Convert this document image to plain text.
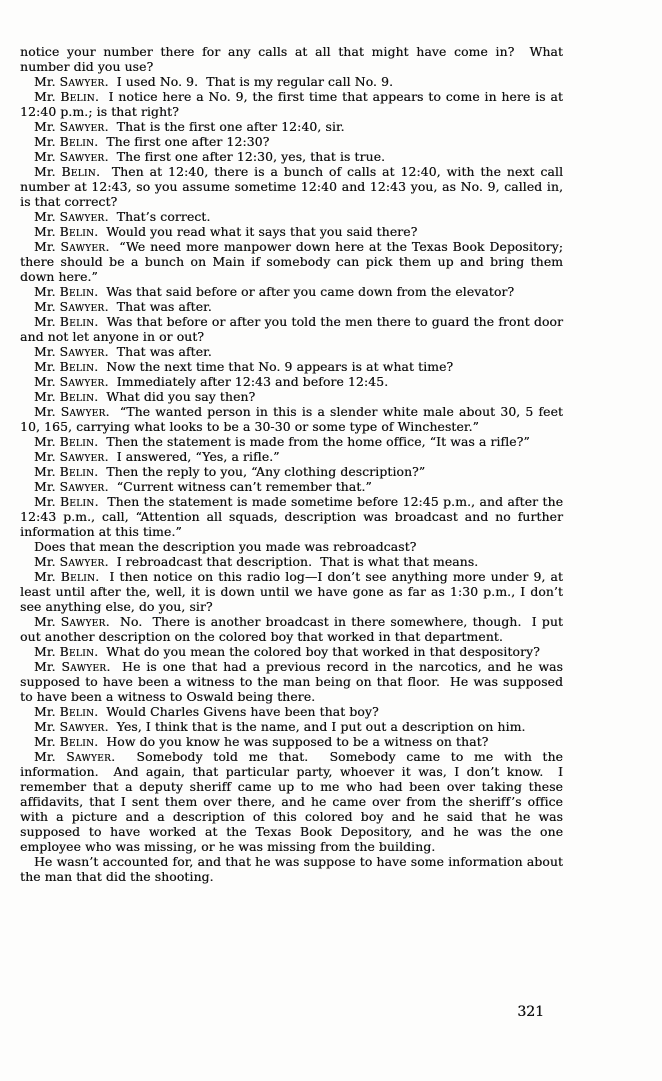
notice your number there for any calls at all that might have come in?  What number did you use?

Mr. Sawyer.  I used No. 9.  That is my regular call No. 9.

Mr. Belin.  I notice here a No. 9, the first time that appears to come in here is at 12:40 p.m.; is that right?

Mr. Sawyer.  That is the first one after 12:40, sir.

Mr. Belin.  The first one after 12:30?

Mr. Sawyer.  The first one after 12:30, yes, that is true.

Mr. Belin.  Then at 12:40, there is a bunch of calls at 12:40, with the next call number at 12:43, so you assume sometime 12:40 and 12:43 you, as No. 9, called in, is that correct?

Mr. Sawyer.  That’s correct.

Mr. Belin.  Would you read what it says that you said there?

Mr. Sawyer.  “We need more manpower down here at the Texas Book Depository; there should be a bunch on Main if somebody can pick them up and bring them down here.”

Mr. Belin.  Was that said before or after you came down from the elevator?

Mr. Sawyer.  That was after.

Mr. Belin.  Was that before or after you told the men there to guard the front door and not let anyone in or out?

Mr. Sawyer.  That was after.

Mr. Belin.  Now the next time that No. 9 appears is at what time?

Mr. Sawyer.  Immediately after 12:43 and before 12:45.

Mr. Belin.  What did you say then?

Mr. Sawyer.  “The wanted person in this is a slender white male about 30, 5 feet 10, 165, carrying what looks to be a 30-30 or some type of Winchester.”

Mr. Belin.  Then the statement is made from the home office, “It was a rifle?”

Mr. Sawyer.  I answered, “Yes, a rifle.”

Mr. Belin.  Then the reply to you, “Any clothing description?”

Mr. Sawyer.  “Current witness can’t remember that.”

Mr. Belin.  Then the statement is made sometime before 12:45 p.m., and after the 12:43 p.m., call, “Attention all squads, description was broadcast and no further information at this time.”

Does that mean the description you made was rebroadcast?

Mr. Sawyer.  I rebroadcast that description.  That is what that means.

Mr. Belin.  I then notice on this radio log—I don’t see anything more under 9, at least until after the, well, it is down until we have gone as far as 1:30 p.m., I don’t see anything else, do you, sir?

Mr. Sawyer.  No.  There is another broadcast in there somewhere, though.  I put out another description on the colored boy that worked in that department.

Mr. Belin.  What do you mean the colored boy that worked in that despository?

Mr. Sawyer.  He is one that had a previous record in the narcotics, and he was supposed to have been a witness to the man being on that floor.  He was supposed to have been a witness to Oswald being there.

Mr. Belin.  Would Charles Givens have been that boy?

Mr. Sawyer.  Yes, I think that is the name, and I put out a description on him.

Mr. Belin.  How do you know he was supposed to be a witness on that?

Mr. Sawyer.  Somebody told me that.  Somebody came to me with the information.  And again, that particular party, whoever it was, I don’t know.  I remember that a deputy sheriff came up to me who had been over taking these affidavits, that I sent them over there, and he came over from the sheriff’s office with a picture and a description of this colored boy and he said that he was supposed to have worked at the Texas Book Depository, and he was the one employee who was missing, or he was missing from the building.

He wasn’t accounted for, and that he was suppose to have some information about the man that did the shooting.

321
